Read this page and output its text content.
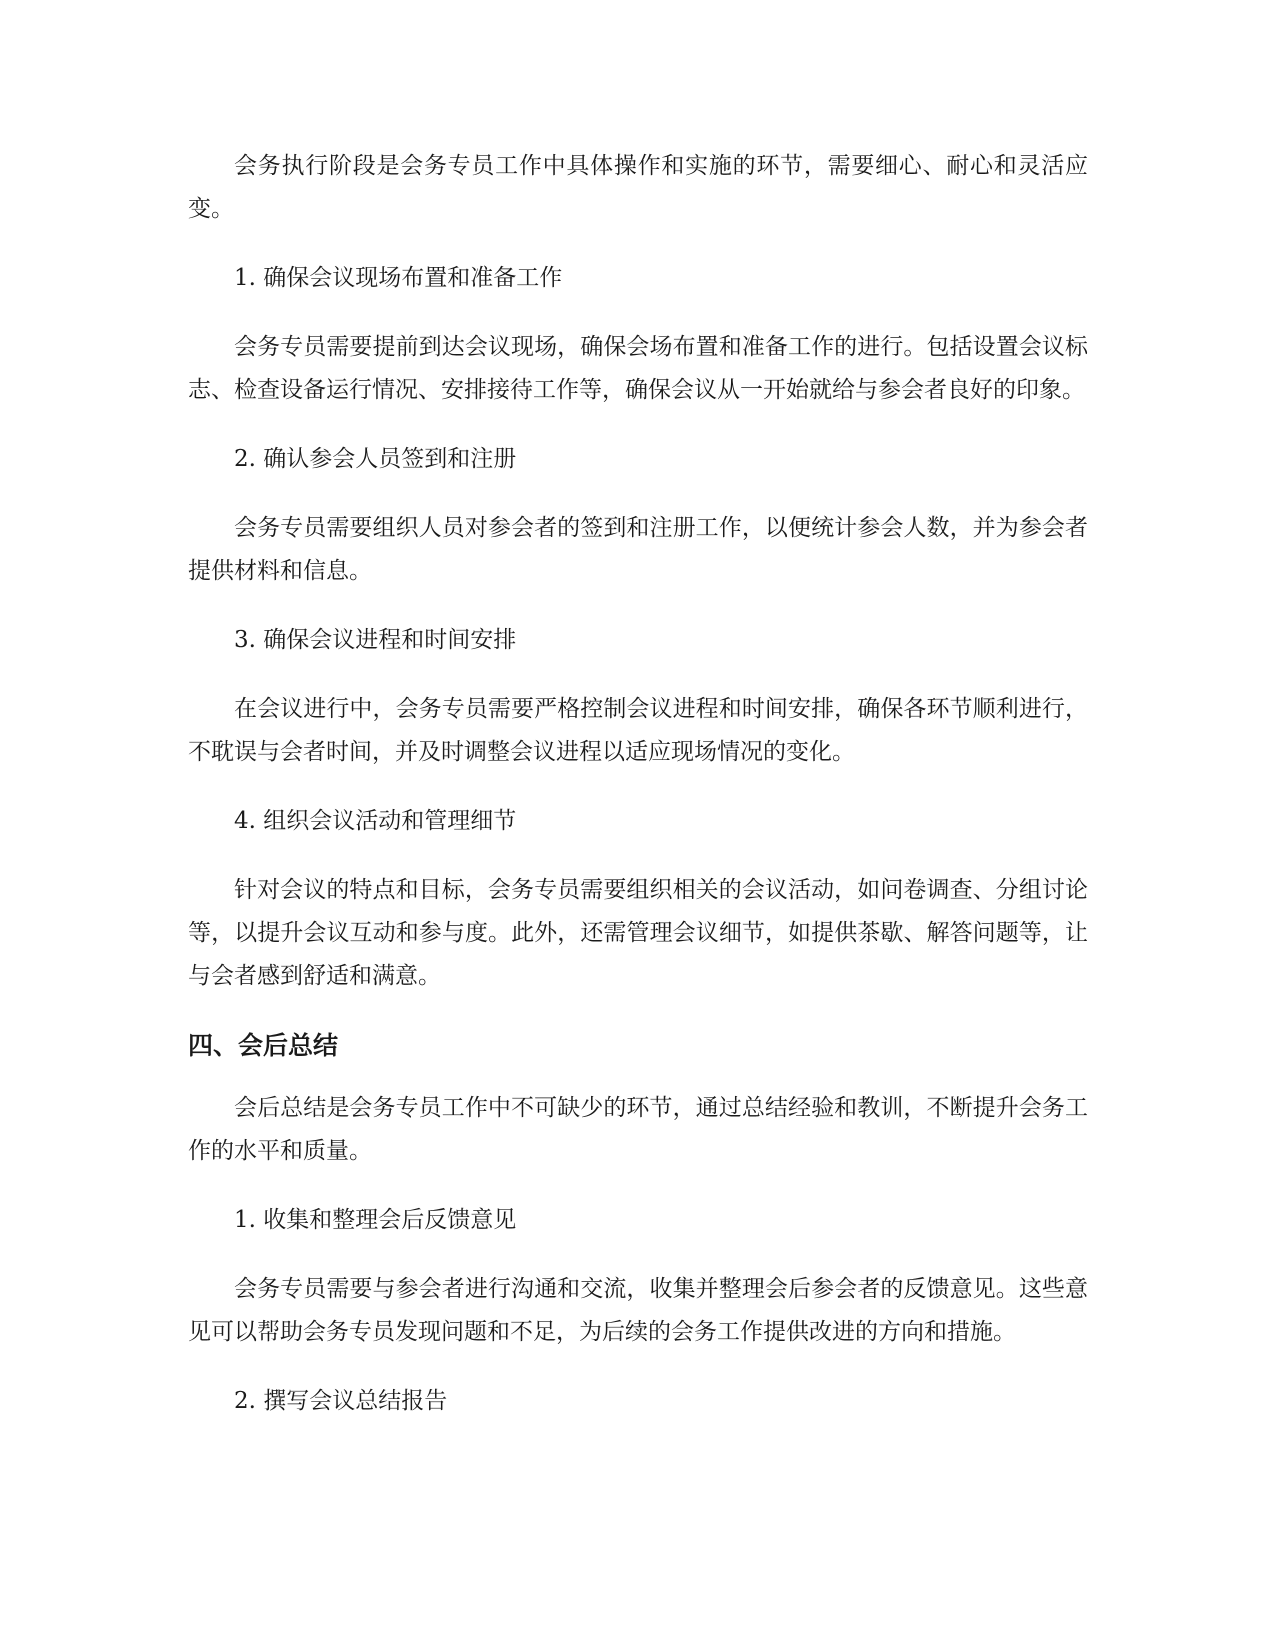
会务执行阶段是会务专员工作中具体操作和实施的环节，需要细心、耐心和灵活应变。

1. 确保会议现场布置和准备工作

会务专员需要提前到达会议现场，确保会场布置和准备工作的进行。包括设置会议标志、检查设备运行情况、安排接待工作等，确保会议从一开始就给与参会者良好的印象。

2. 确认参会人员签到和注册

会务专员需要组织人员对参会者的签到和注册工作，以便统计参会人数，并为参会者提供材料和信息。

3. 确保会议进程和时间安排

在会议进行中，会务专员需要严格控制会议进程和时间安排，确保各环节顺利进行，不耽误与会者时间，并及时调整会议进程以适应现场情况的变化。

4. 组织会议活动和管理细节

针对会议的特点和目标，会务专员需要组织相关的会议活动，如问卷调查、分组讨论等，以提升会议互动和参与度。此外，还需管理会议细节，如提供茶歇、解答问题等，让与会者感到舒适和满意。

四、会后总结

会后总结是会务专员工作中不可缺少的环节，通过总结经验和教训，不断提升会务工作的水平和质量。

1. 收集和整理会后反馈意见

会务专员需要与参会者进行沟通和交流，收集并整理会后参会者的反馈意见。这些意见可以帮助会务专员发现问题和不足，为后续的会务工作提供改进的方向和措施。

2. 撰写会议总结报告
